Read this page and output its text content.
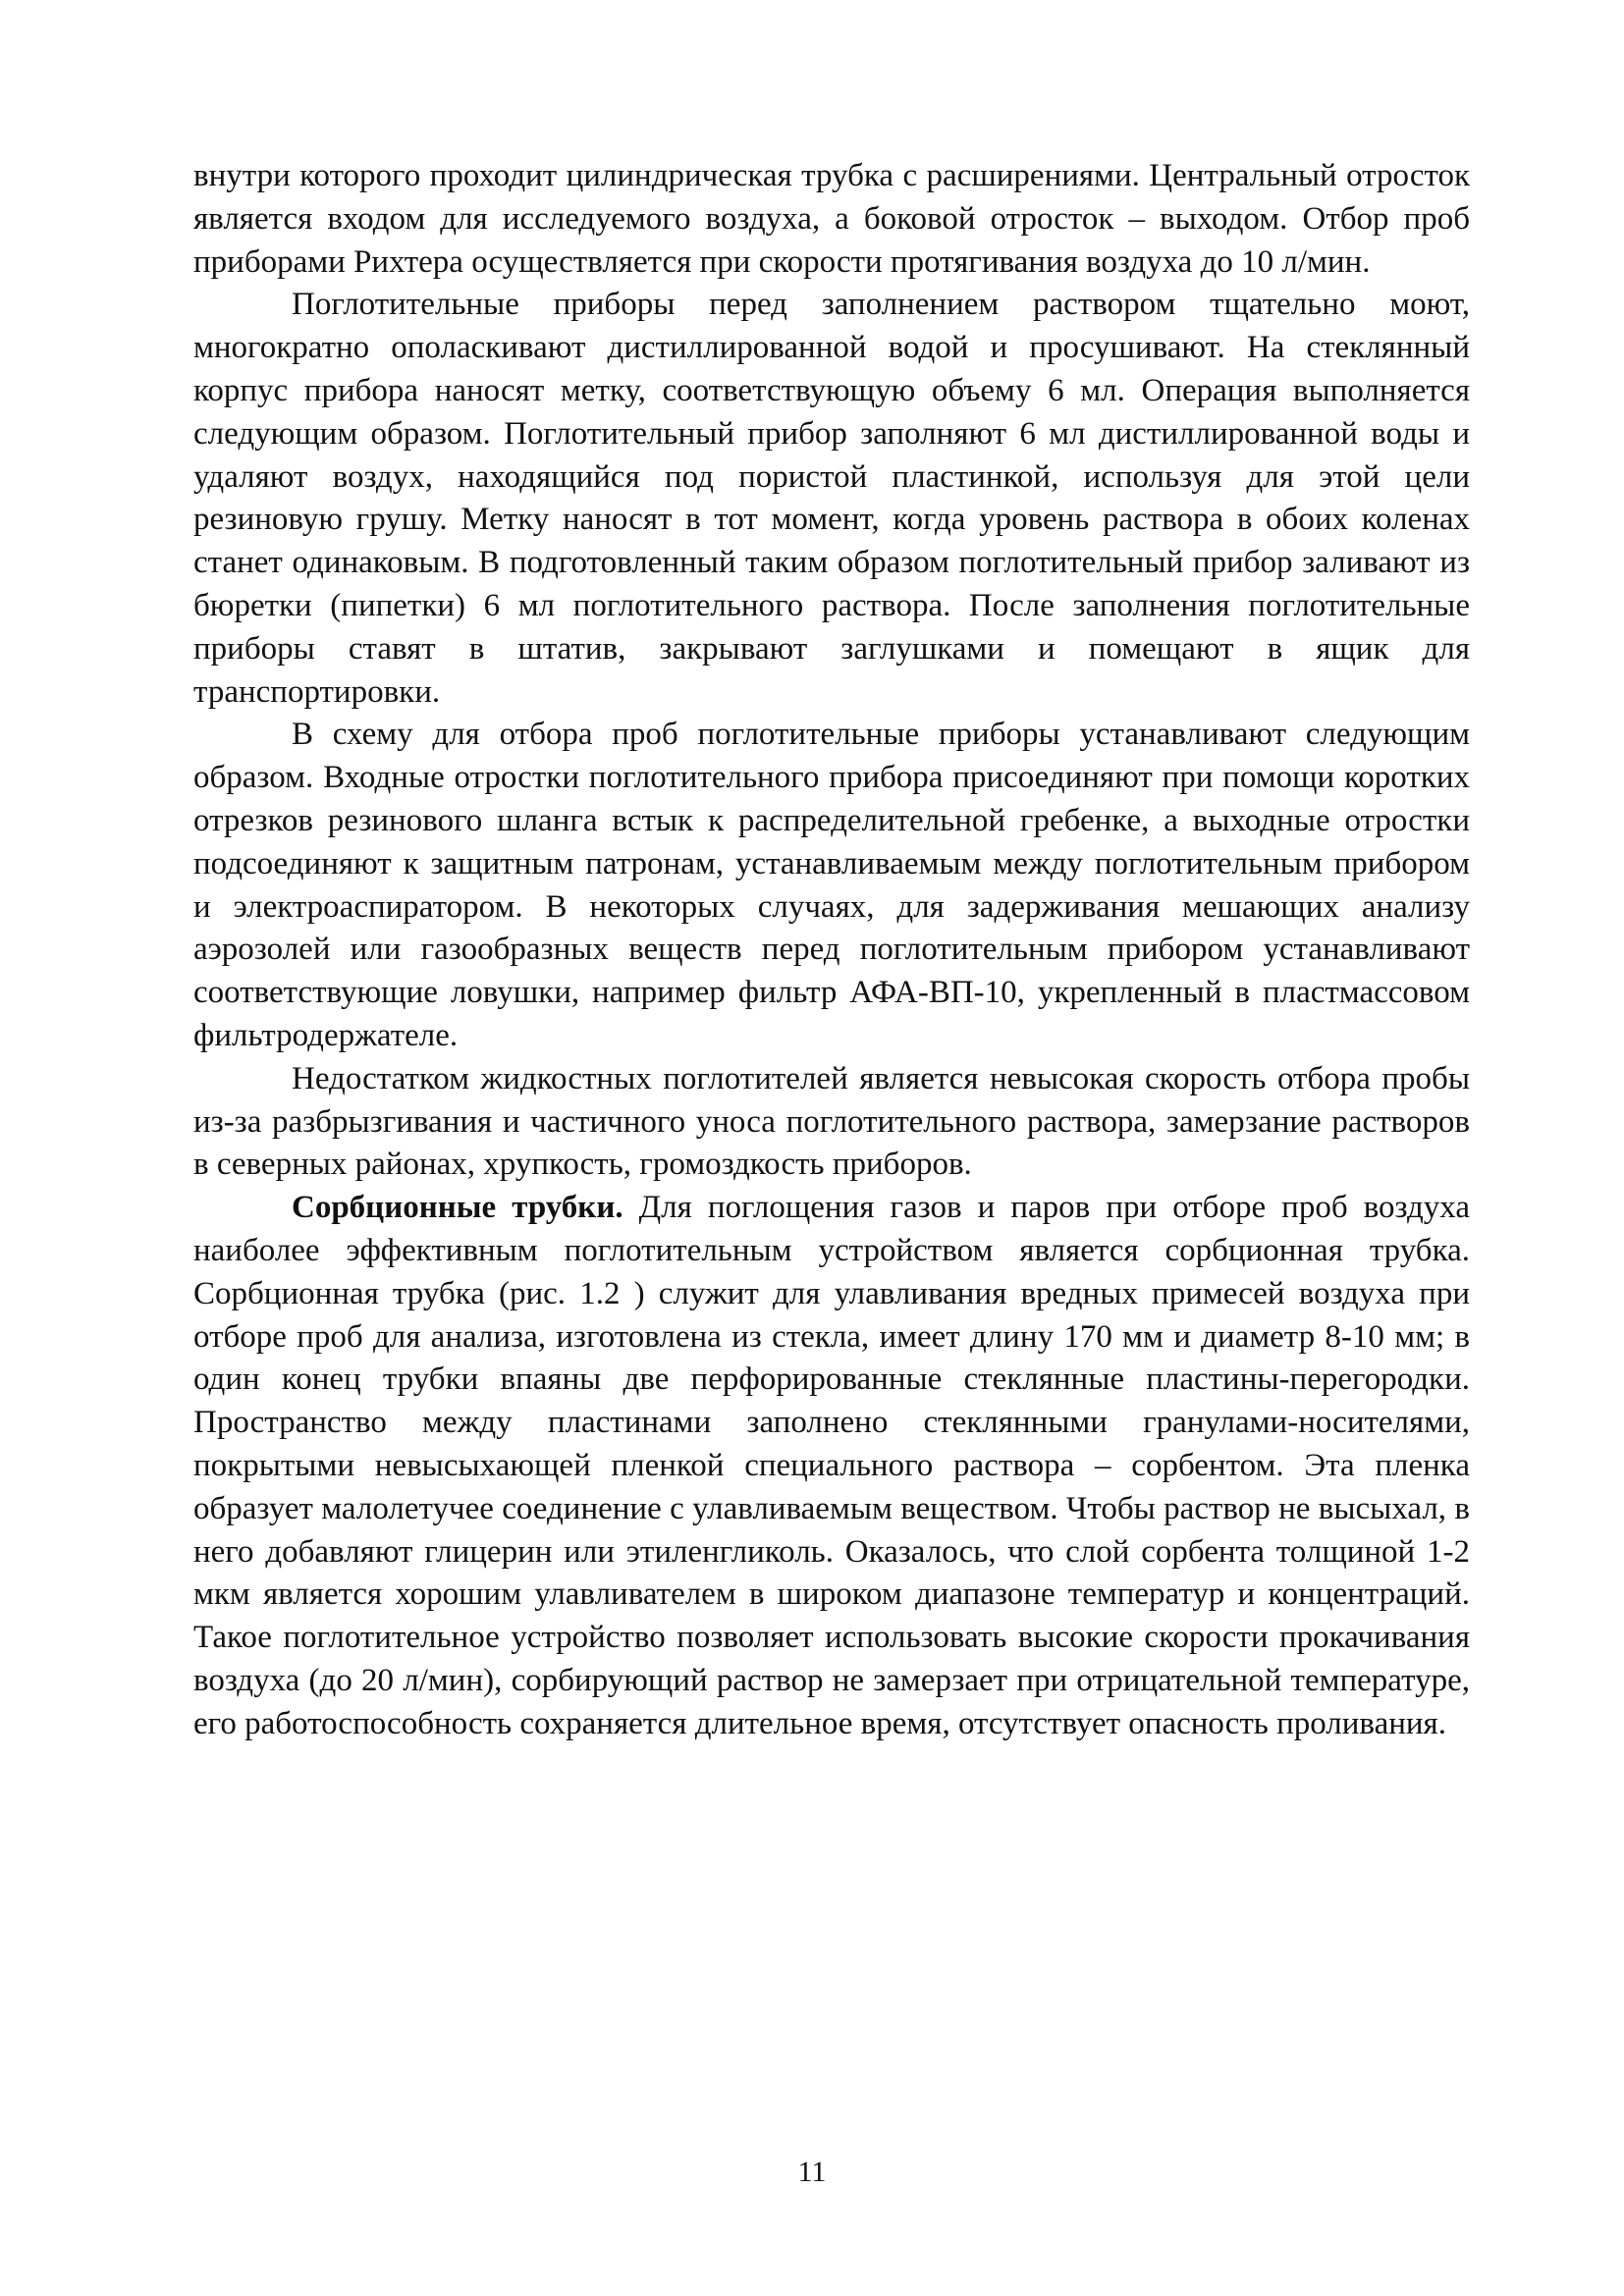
внутри которого проходит цилиндрическая трубка с расширениями. Центральный отросток является входом для исследуемого воздуха, а боковой отросток – выходом. Отбор проб приборами Рихтера осуществляется при скорости протягивания воздуха до 10 л/мин.

Поглотительные приборы перед заполнением раствором тщательно моют, многократно ополаскивают дистиллированной водой и просушивают. На стеклянный корпус прибора наносят метку, соответствующую объему 6 мл. Операция выполняется следующим образом. Поглотительный прибор заполняют 6 мл дистиллированной воды и удаляют воздух, находящийся под пористой пластинкой, используя для этой цели резиновую грушу. Метку наносят в тот момент, когда уровень раствора в обоих коленах станет одинаковым. В подготовленный таким образом поглотительный прибор заливают из бюретки (пипетки) 6 мл поглотительного раствора. После заполнения поглотительные приборы ставят в штатив, закрывают заглушками и помещают в ящик для транспортировки.

В схему для отбора проб поглотительные приборы устанавливают следующим образом. Входные отростки поглотительного прибора присоединяют при помощи коротких отрезков резинового шланга встык к распределительной гребенке, а выходные отростки подсоединяют к защитным патронам, устанавливаемым между поглотительным прибором и электроаспиратором. В некоторых случаях, для задерживания мешающих анализу аэрозолей или газообразных веществ перед поглотительным прибором устанавливают соответствующие ловушки, например фильтр АФА-ВП-10, укрепленный в пластмассовом фильтродержателе.

Недостатком жидкостных поглотителей является невысокая скорость отбора пробы из-за разбрызгивания и частичного уноса поглотительного раствора, замерзание растворов в северных районах, хрупкость, громоздкость приборов.

Сорбционные трубки. Для поглощения газов и паров при отборе проб воздуха наиболее эффективным поглотительным устройством является сорбционная трубка. Сорбционная трубка (рис. 1.2 ) служит для улавливания вредных примесей воздуха при отборе проб для анализа, изготовлена из стекла, имеет длину 170 мм и диаметр 8-10 мм; в один конец трубки впаяны две перфорированные стеклянные пластины-перегородки. Пространство между пластинами заполнено стеклянными гранулами-носителями, покрытыми невысыхающей пленкой специального раствора – сорбентом. Эта пленка образует малолетучее соединение с улавливаемым веществом. Чтобы раствор не высыхал, в него добавляют глицерин или этиленгликоль. Оказалось, что слой сорбента толщиной 1-2 мкм является хорошим улавливателем в широком диапазоне температур и концентраций. Такое поглотительное устройство позволяет использовать высокие скорости прокачивания воздуха (до 20 л/мин), сорбирующий раствор не замерзает при отрицательной температуре, его работоспособность сохраняется длительное время, отсутствует опасность проливания.

11
